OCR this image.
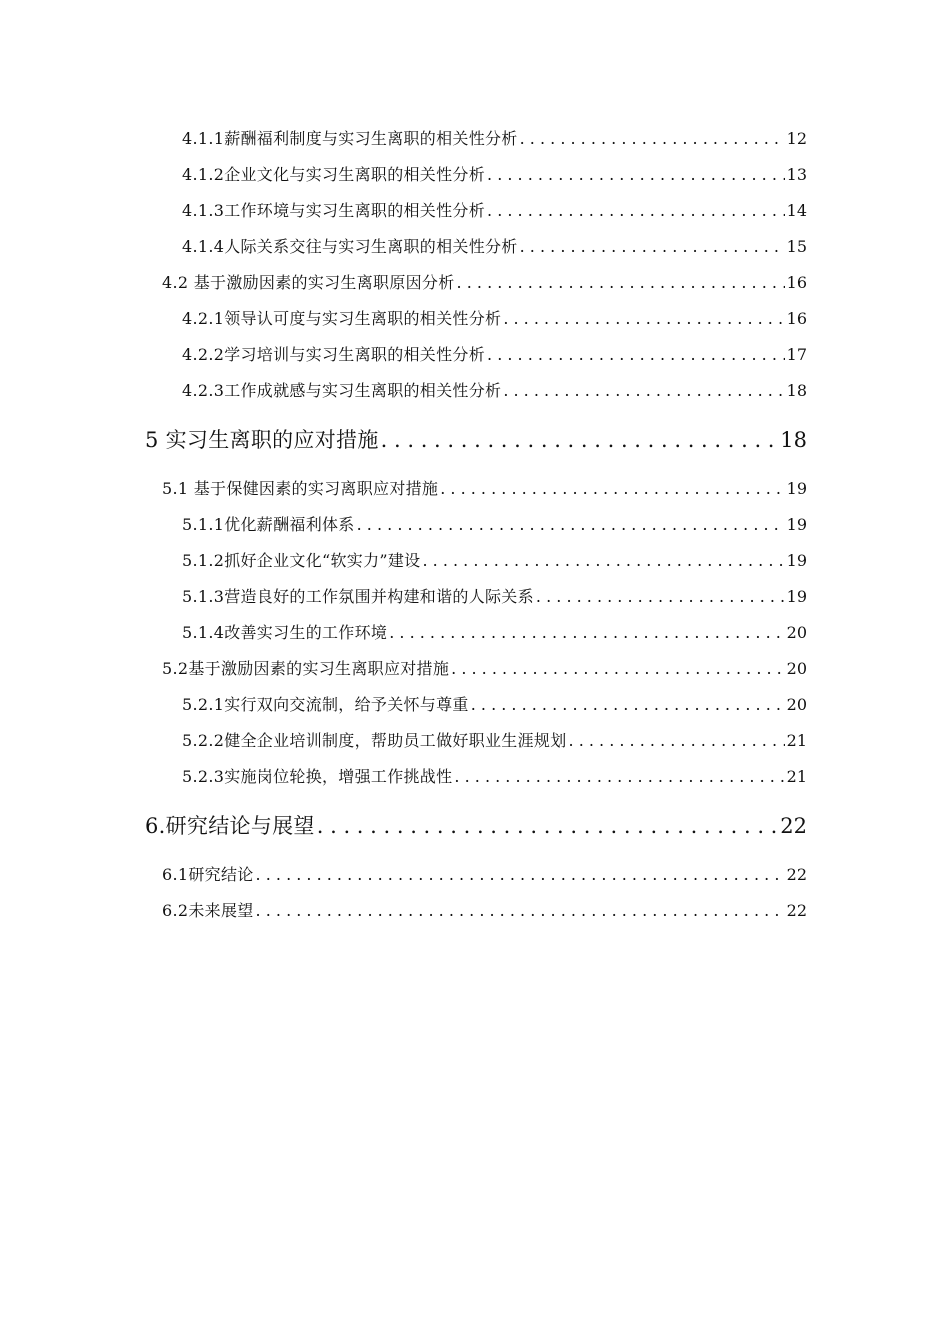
4.1.1薪酬福利制度与实习生离职的相关性分析 . . .	12
4.1.2企业文化与实习生离职的相关性分析 . . .	13
4.1.3工作环境与实习生离职的相关性分析 . . .	14
4.1.4人际关系交往与实习生离职的相关性分析 . . .	15
4.2 基于激励因素的实习生离职原因分析 . . .	16
4.2.1领导认可度与实习生离职的相关性分析 . . .	16
4.2.2学习培训与实习生离职的相关性分析 . . .	17
4.2.3工作成就感与实习生离职的相关性分析 . . .	18
5 实习生离职的应对措施 . . .	18
5.1 基于保健因素的实习离职应对措施 . . .	19
5.1.1优化薪酬福利体系 . . .	19
5.1.2抓好企业文化“软实力”建设 . . .	19
5.1.3营造良好的工作氛围并构建和谐的人际关系 . . .	19
5.1.4改善实习生的工作环境 . . .	20
5.2基于激励因素的实习生离职应对措施 . . .	20
5.2.1实行双向交流制，给予关怀与尊重 . . .	20
5.2.2健全企业培训制度，帮助员工做好职业生涯规划 . . .	21
5.2.3实施岗位轮换，增强工作挑战性 . . .	21
6.研究结论与展望 . . .	22
6.1研究结论 . . .	22
6.2未来展望 . . .	22
